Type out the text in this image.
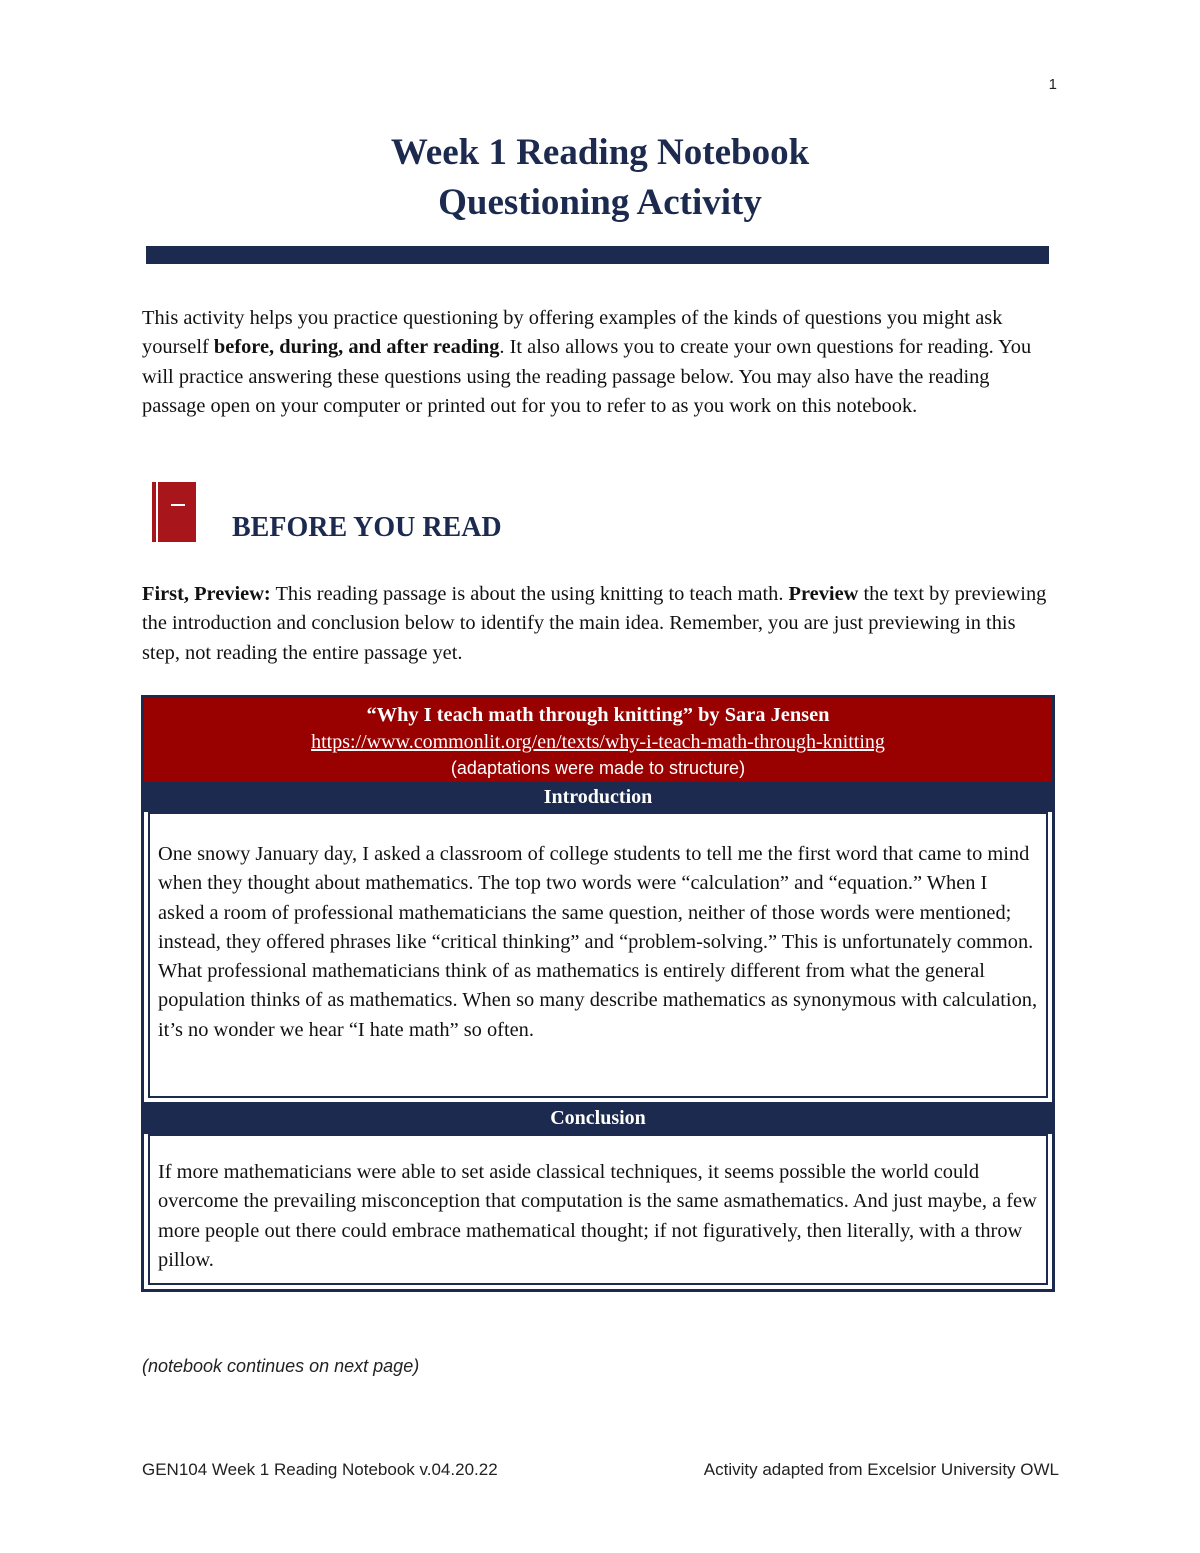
1
Week 1 Reading Notebook
Questioning Activity

This activity helps you practice questioning by offering examples of the kinds of questions you might ask yourself before, during, and after reading. It also allows you to create your own questions for reading. You will practice answering these questions using the reading passage below. You may also have the reading passage open on your computer or printed out for you to refer to as you work on this notebook.

BEFORE YOU READ

First, Preview: This reading passage is about the using knitting to teach math. Preview the text by previewing the introduction and conclusion below to identify the main idea. Remember, you are just previewing in this step, not reading the entire passage yet.

“Why I teach math through knitting” by Sara Jensen
https://www.commonlit.org/en/texts/why-i-teach-math-through-knitting
(adaptations were made to structure)
Introduction

One snowy January day, I asked a classroom of college students to tell me the first word that came to mind when they thought about mathematics. The top two words were “calculation” and “equation.” When I asked a room of professional mathematicians the same question, neither of those words were mentioned; instead, they offered phrases like “critical thinking” and “problem-solving.” This is unfortunately common. What professional mathematicians think of as mathematics is entirely different from what the general population thinks of as mathematics. When so many describe mathematics as synonymous with calculation, it’s no wonder we hear “I hate math” so often.

Conclusion

If more mathematicians were able to set aside classical techniques, it seems possible the world could overcome the prevailing misconception that computation is the same asmathematics. And just maybe, a few more people out there could embrace mathematical thought; if not figuratively, then literally, with a throw pillow.

(notebook continues on next page)
GEN104 Week 1 Reading Notebook v.04.20.22	Activity adapted from Excelsior University OWL
